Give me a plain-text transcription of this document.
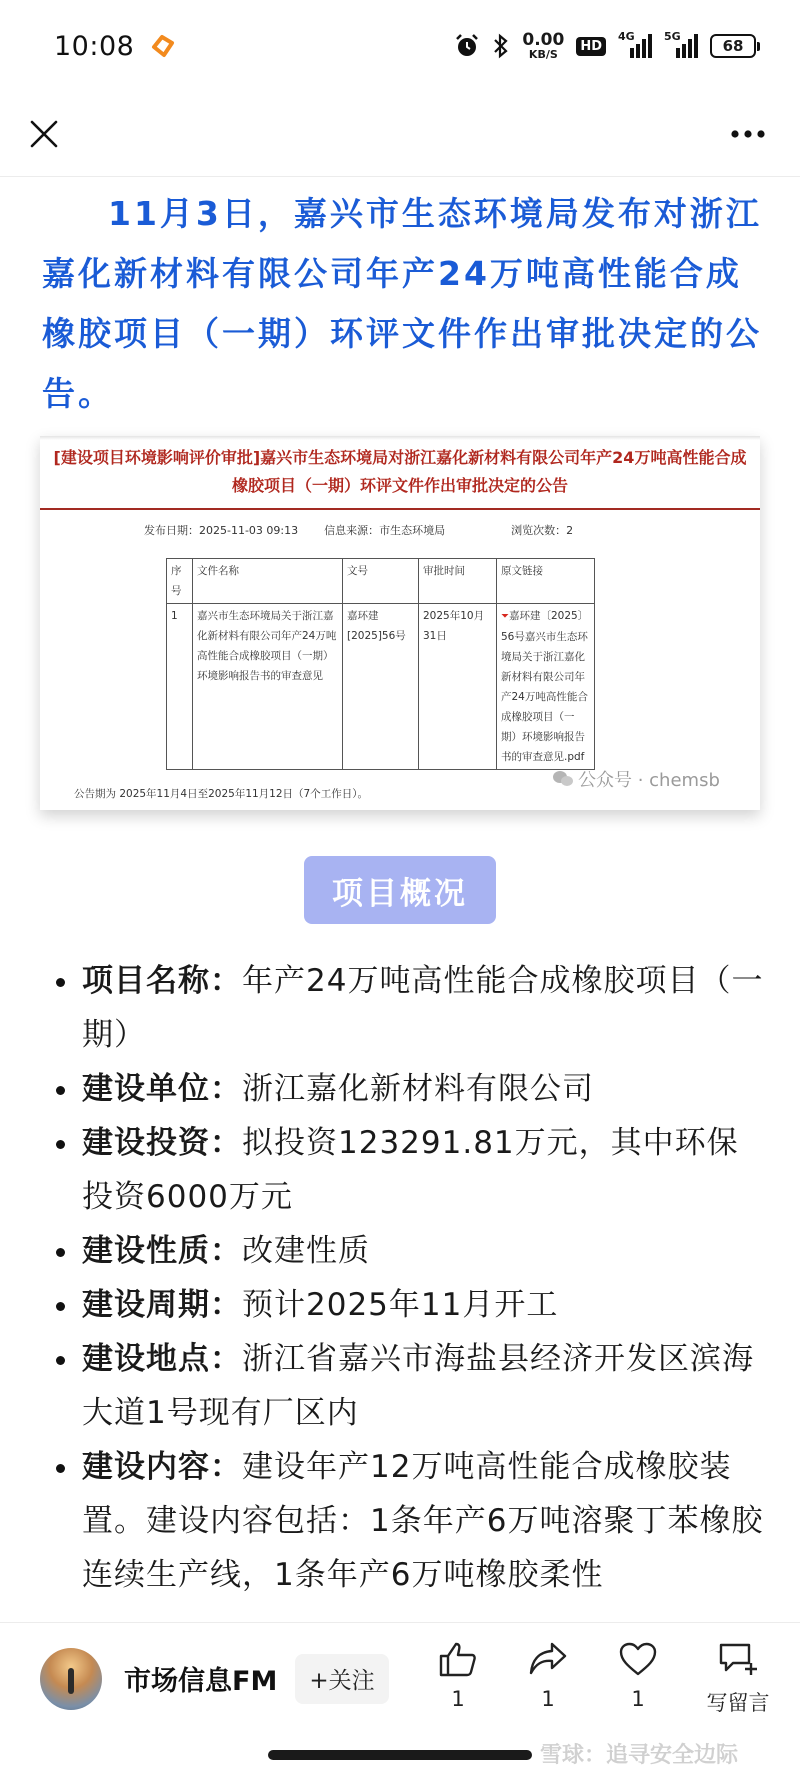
10:08	0.00
KB/S
HD
4G	5G
68

11月3日，嘉兴市生态环境局发布对浙江嘉化新材料有限公司年产24万吨高性能合成橡胶项目（一期）环评文件作出审批决定的公告。

[建设项目环境影响评价审批]嘉兴市生态环境局对浙江嘉化新材料有限公司年产24万吨高性能合成橡胶项目（一期）环评文件作出审批决定的公告
发布日期：2025-11-03 09:13 信息来源：市生态环境局	浏览次数：2
序号	文件名称	文号	审批时间	原文链接
1	嘉兴市生态环境局关于浙江嘉化新材料有限公司年产24万吨高性能合成橡胶项目（一期）环境影响报告书的审查意见	嘉环建[2025]56号	2025年10月31日	⏷嘉环建〔2025〕56号嘉兴市生态环境局关于浙江嘉化新材料有限公司年产24万吨高性能合成橡胶项目（一期）环境影响报告书的审查意见.pdf
公告期为 2025年11月4日至2025年11月12日（7个工作日）。
公众号 · chemsb
项目概况
项目名称：年产24万吨高性能合成橡胶项目（一期）
建设单位：浙江嘉化新材料有限公司
建设投资：拟投资123291.81万元，其中环保投资6000万元
建设性质：改建性质
建设周期：预计2025年11月开工
建设地点：浙江省嘉兴市海盐县经济开发区滨海大道1号现有厂区内
建设内容：建设年产12万吨高性能合成橡胶装置。建设内容包括：1条年产6万吨溶聚丁苯橡胶连续生产线，1条年产6万吨橡胶柔性
市场信息FM	+关注
1	1	1	写留言
雪球：追寻安全边际
